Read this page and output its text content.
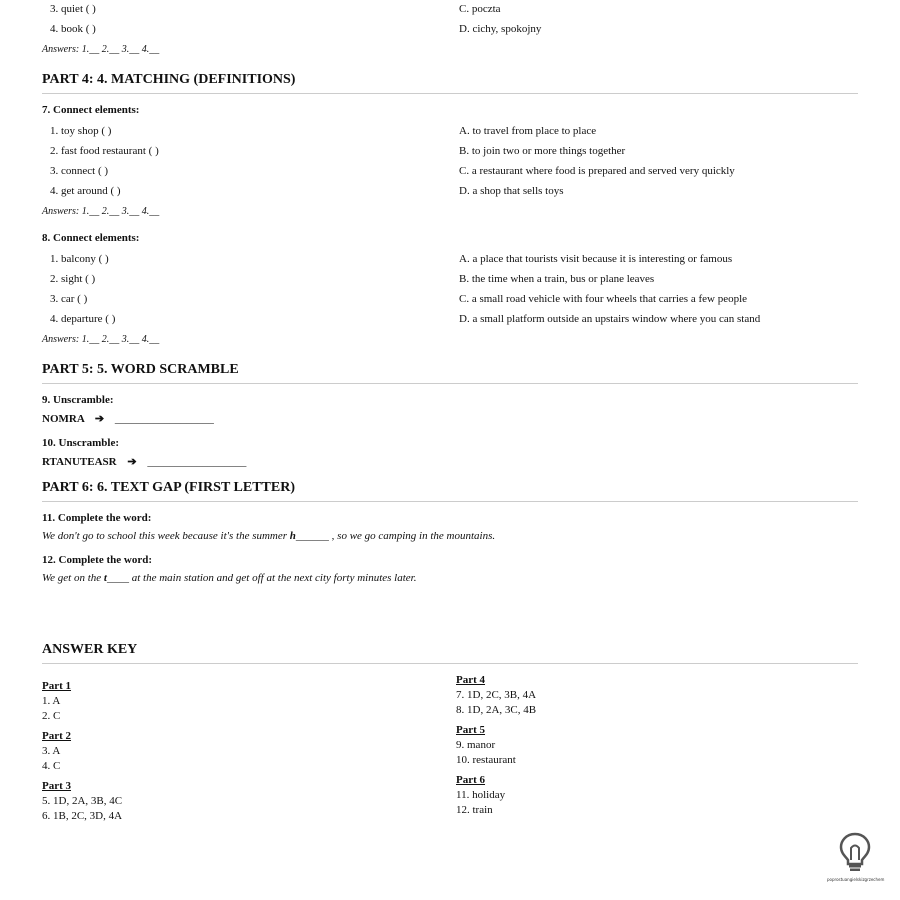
3. quiet ( )	C. poczta
4. book ( )	D. cichy, spokojny
Answers: 1.__ 2.__ 3.__ 4.__
PART 4: 4. MATCHING (DEFINITIONS)
7. Connect elements:
1. toy shop ( )	A. to travel from place to place
2. fast food restaurant ( )	B. to join two or more things together
3. connect ( )	C. a restaurant where food is prepared and served very quickly
4. get around ( )	D. a shop that sells toys
Answers: 1.__ 2.__ 3.__ 4.__
8. Connect elements:
1. balcony ( )	A. a place that tourists visit because it is interesting or famous
2. sight ( )	B. the time when a train, bus or plane leaves
3. car ( )	C. a small road vehicle with four wheels that carries a few people
4. departure ( )	D. a small platform outside an upstairs window where you can stand
Answers: 1.__ 2.__ 3.__ 4.__
PART 5: 5. WORD SCRAMBLE
9. Unscramble:
NOMRA ➔ __________________
10. Unscramble:
RTANUTEASR ➔ __________________
PART 6: 6. TEXT GAP (FIRST LETTER)
11. Complete the word:
We don't go to school this week because it's the summer h______ , so we go camping in the mountains.
12. Complete the word:
We get on the t____ at the main station and get off at the next city forty minutes later.
ANSWER KEY
Part 1
1. A
2. C
Part 2
3. A
4. C
Part 3
5. 1D, 2A, 3B, 4C
6. 1B, 2C, 3D, 4A
Part 4
7. 1D, 2C, 3B, 4A
8. 1D, 2A, 3C, 4B
Part 5
9. manor
10. restaurant
Part 6
11. holiday
12. train
poprostuangielskizgrzechem
